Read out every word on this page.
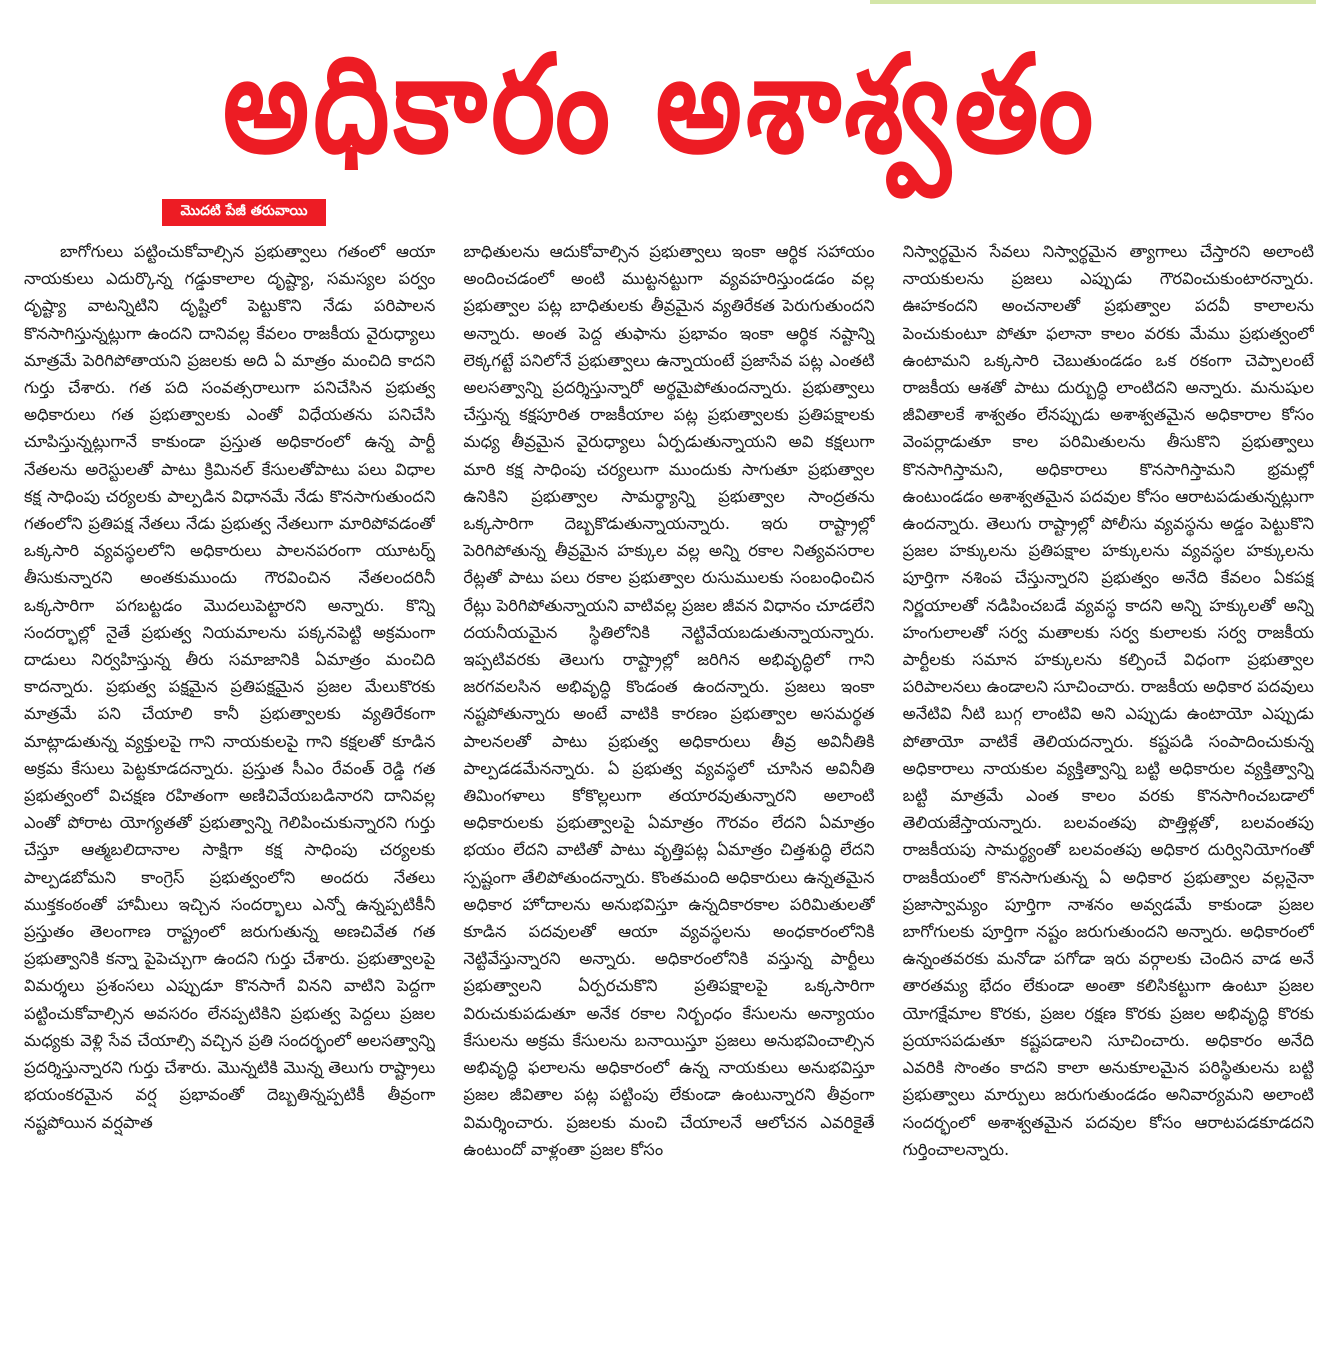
అధికారం అశాశ్వతం
మొదటి పేజీ తరువాయి

బాగోగులు పట్టించుకోవాల్సిన ప్రభుత్వాలు గతంలో ఆయా నాయకులు ఎదుర్కొన్న గడ్డుకాలాల దృష్ట్యా, సమస్యల పర్వం దృష్ట్యా వాటన్నిటిని దృష్టిలో పెట్టుకొని నేడు పరిపాలన కొనసాగిస్తున్నట్లుగా ఉందని దానివల్ల కేవలం రాజకీయ వైరుధ్యాలు మాత్రమే పెరిగిపోతాయని ప్రజలకు అది ఏ మాత్రం మంచిది కాదని గుర్తు చేశారు. గత పది సంవత్సరాలుగా పనిచేసిన ప్రభుత్వ అధికారులు గత ప్రభుత్వాలకు ఎంతో విధేయతను పనిచేసి చూపిస్తున్నట్లుగానే కాకుండా ప్రస్తుత అధికారంలో ఉన్న పార్టీ నేతలను అరెస్టులతో పాటు క్రిమినల్ కేసులతోపాటు పలు విధాల కక్ష సాధింపు చర్యలకు పాల్పడిన విధానమే నేడు కొనసాగుతుందని గతంలోని ప్రతిపక్ష నేతలు నేడు ప్రభుత్వ నేతలుగా మారిపోవడంతో ఒక్కసారి వ్యవస్థలలోని అధికారులు పాలనపరంగా యూటర్న్ తీసుకున్నారని అంతకుముందు గౌరవించిన నేతలందరినీ ఒక్కసారిగా పగబట్టడం మొదలుపెట్టారని అన్నారు. కొన్ని సందర్భాల్లో నైతే ప్రభుత్వ నియమాలను పక్కనపెట్టి అక్రమంగా దాడులు నిర్వహిస్తున్న తీరు సమాజానికి ఏమాత్రం మంచిది కాదన్నారు. ప్రభుత్వ పక్షమైన ప్రతిపక్షమైన ప్రజల మేలుకొరకు మాత్రమే పని చేయాలి కానీ ప్రభుత్వాలకు వ్యతిరేకంగా మాట్లాడుతున్న వ్యక్తులపై గాని నాయకులపై గాని కక్షలతో కూడిన అక్రమ కేసులు పెట్టకూడదన్నారు. ప్రస్తుత సీఎం రేవంత్ రెడ్డి గత ప్రభుత్వంలో విచక్షణ రహితంగా అణిచివేయబడినారని దానివల్ల ఎంతో పోరాట యోగ్యతతో ప్రభుత్వాన్ని గెలిపించుకున్నారని గుర్తు చేస్తూ ఆత్మబలిదానాల సాక్షిగా కక్ష సాధింపు చర్యలకు పాల్పడబోమని కాంగ్రెస్ ప్రభుత్వంలోని అందరు నేతలు ముక్తకంఠంతో హామీలు ఇచ్చిన సందర్భాలు ఎన్నో ఉన్నప్పటికీనీ ప్రస్తుతం తెలంగాణ రాష్ట్రంలో జరుగుతున్న అణచివేత గత ప్రభుత్వానికి కన్నా పైపెచ్చుగా ఉందని గుర్తు చేశారు. ప్రభుత్వాలపై విమర్శలు ప్రశంసలు ఎప్పుడూ కొనసాగే వినని వాటిని పెద్దగా పట్టించుకోవాల్సిన అవసరం లేనప్పటికిని ప్రభుత్వ పెద్దలు ప్రజల మధ్యకు వెళ్లి సేవ చేయాల్సి వచ్చిన ప్రతి సందర్భంలో అలసత్వాన్ని ప్రదర్శిస్తున్నారని గుర్తు చేశారు. మొన్నటికి మొన్న తెలుగు రాష్ట్రాలు భయంకరమైన వర్ష ప్రభావంతో దెబ్బతిన్నప్పటికీ తీవ్రంగా నష్టపోయిన వర్షపాత

బాధితులను ఆదుకోవాల్సిన ప్రభుత్వాలు ఇంకా ఆర్థిక సహాయం అందించడంలో అంటి ముట్టనట్టుగా వ్యవహరిస్తుండడం వల్ల ప్రభుత్వాల పట్ల బాధితులకు తీవ్రమైన వ్యతిరేకత పెరుగుతుందని అన్నారు. అంత పెద్ద తుఫాను ప్రభావం ఇంకా ఆర్థిక నష్టాన్ని లెక్కగట్టే పనిలోనే ప్రభుత్వాలు ఉన్నాయంటే ప్రజాసేవ పట్ల ఎంతటి అలసత్వాన్ని ప్రదర్శిస్తున్నారో అర్థమైపోతుందన్నారు. ప్రభుత్వాలు చేస్తున్న కక్షపూరిత రాజకీయాల పట్ల ప్రభుత్వాలకు ప్రతిపక్షాలకు మధ్య తీవ్రమైన వైరుధ్యాలు ఏర్పడుతున్నాయని అవి కక్షలుగా మారి కక్ష సాధింపు చర్యలుగా ముందుకు సాగుతూ ప్రభుత్వాల ఉనికిని ప్రభుత్వాల సామర్థ్యాన్ని ప్రభుత్వాల సాంద్రతను ఒక్కసారిగా దెబ్బకొడుతున్నాయన్నారు. ఇరు రాష్ట్రాల్లో పెరిగిపోతున్న తీవ్రమైన హక్కుల వల్ల అన్ని రకాల నిత్యవసరాల రేట్లతో పాటు పలు రకాల ప్రభుత్వాల రుసుములకు సంబంధించిన రేట్లు పెరిగిపోతున్నాయని వాటివల్ల ప్రజల జీవన విధానం చూడలేని దయనీయమైన స్థితిలోనికి నెట్టివేయబడుతున్నాయన్నారు. ఇప్పటివరకు తెలుగు రాష్ట్రాల్లో జరిగిన అభివృద్ధిలో గాని జరగవలసిన అభివృద్ధి కొండంత ఉందన్నారు. ప్రజలు ఇంకా నష్టపోతున్నారు అంటే వాటికి కారణం ప్రభుత్వాల అసమర్థత పాలనలతో పాటు ప్రభుత్వ అధికారులు తీవ్ర అవినీతికి పాల్పడడమేనన్నారు. ఏ ప్రభుత్వ వ్యవస్థలో చూసిన అవినీతి తిమింగళాలు కోకొల్లలుగా తయారవుతున్నారని అలాంటి అధికారులకు ప్రభుత్వాలపై ఏమాత్రం గౌరవం లేదని ఏమాత్రం భయం లేదని వాటితో పాటు వృత్తిపట్ల ఏమాత్రం చిత్తశుద్ధి లేదని స్పష్టంగా తేలిపోతుందన్నారు. కొంతమంది అధికారులు ఉన్నతమైన అధికార హోదాలను అనుభవిస్తూ ఉన్నదికారకాల పరిమితులతో కూడిన పదవులతో ఆయా వ్యవస్థలను అంధకారంలోనికి నెట్టివేస్తున్నారని అన్నారు. అధికారంలోనికి వస్తున్న పార్టీలు ప్రభుత్వాలని ఏర్పరచుకొని ప్రతిపక్షాలపై ఒక్కసారిగా విరుచుకుపడుతూ అనేక రకాల నిర్బంధం కేసులను అన్యాయం కేసులను అక్రమ కేసులను బనాయిస్తూ ప్రజలు అనుభవించాల్సిన అభివృద్ధి ఫలాలను అధికారంలో ఉన్న నాయకులు అనుభవిస్తూ ప్రజల జీవితాల పట్ల పట్టింపు లేకుండా ఉంటున్నారని తీవ్రంగా విమర్శించారు. ప్రజలకు మంచి చేయాలనే ఆలోచన ఎవరికైతే ఉంటుందో వాళ్లంతా ప్రజల కోసం

నిస్వార్థమైన సేవలు నిస్వార్థమైన త్యాగాలు చేస్తారని అలాంటి నాయకులను ప్రజలు ఎప్పుడు గౌరవించుకుంటారన్నారు. ఊహకందని అంచనాలతో ప్రభుత్వాల పదవీ కాలాలను పెంచుకుంటూ పోతూ ఫలానా కాలం వరకు మేము ప్రభుత్వంలో ఉంటామని ఒక్కసారి చెబుతుండడం ఒక రకంగా చెప్పాలంటే రాజకీయ ఆశతో పాటు దుర్బుద్ధి లాంటిదని అన్నారు. మనుషుల జీవితాలకే శాశ్వతం లేనప్పుడు అశాశ్వతమైన అధికారాల కోసం వెంపర్లాడుతూ కాల పరిమితులను తీసుకొని ప్రభుత్వాలు కొనసాగిస్తామని, అధికారాలు కొనసాగిస్తామని భ్రమల్లో ఉంటుండడం అశాశ్వతమైన పదవుల కోసం ఆరాటపడుతున్నట్లుగా ఉందన్నారు. తెలుగు రాష్ట్రాల్లో పోలీసు వ్యవస్థను అడ్డం పెట్టుకొని ప్రజల హక్కులను ప్రతిపక్షాల హక్కులను వ్యవస్థల హక్కులను పూర్తిగా నశింప చేస్తున్నారని ప్రభుత్వం అనేది కేవలం ఏకపక్ష నిర్ణయాలతో నడిపించబడే వ్యవస్థ కాదని అన్ని హక్కులతో అన్ని హంగులాలతో సర్వ మతాలకు సర్వ కులాలకు సర్వ రాజకీయ పార్టీలకు సమాన హక్కులను కల్పించే విధంగా ప్రభుత్వాల పరిపాలనలు ఉండాలని సూచించారు. రాజకీయ అధికార పదవులు అనేటివి నీటి బుగ్గ లాంటివి అని ఎప్పుడు ఉంటాయో ఎప్పుడు పోతాయో వాటికే తెలియదన్నారు. కష్టపడి సంపాదించుకున్న అధికారాలు నాయకుల వ్యక్తిత్వాన్ని బట్టి అధికారుల వ్యక్తిత్వాన్ని బట్టి మాత్రమే ఎంత కాలం వరకు కొనసాగించబడాలో తెలియజేస్తాయన్నారు. బలవంతపు పొత్తిళ్లతో, బలవంతపు రాజకీయపు సామర్థ్యంతో బలవంతపు అధికార దుర్వినియోగంతో రాజకీయంలో కొనసాగుతున్న ఏ అధికార ప్రభుత్వాల వల్లనైనా ప్రజాస్వామ్యం పూర్తిగా నాశనం అవ్వడమే కాకుండా ప్రజల బాగోగులకు పూర్తిగా నష్టం జరుగుతుందని అన్నారు. అధికారంలో ఉన్నంతవరకు మనోడా పగోడా ఇరు వర్గాలకు చెందిన వాడ అనే తారతమ్య భేదం లేకుండా అంతా కలిసికట్టుగా ఉంటూ ప్రజల యోగక్షేమాల కొరకు, ప్రజల రక్షణ కొరకు ప్రజల అభివృద్ధి కొరకు ప్రయాసపడుతూ కష్టపడాలని సూచించారు. అధికారం అనేది ఎవరికి సొంతం కాదని కాలా అనుకూలమైన పరిస్థితులను బట్టి ప్రభుత్వాలు మార్పులు జరుగుతుండడం అనివార్యమని అలాంటి సందర్భంలో అశాశ్వతమైన పదవుల కోసం ఆరాటపడకూడదని గుర్తించాలన్నారు.
